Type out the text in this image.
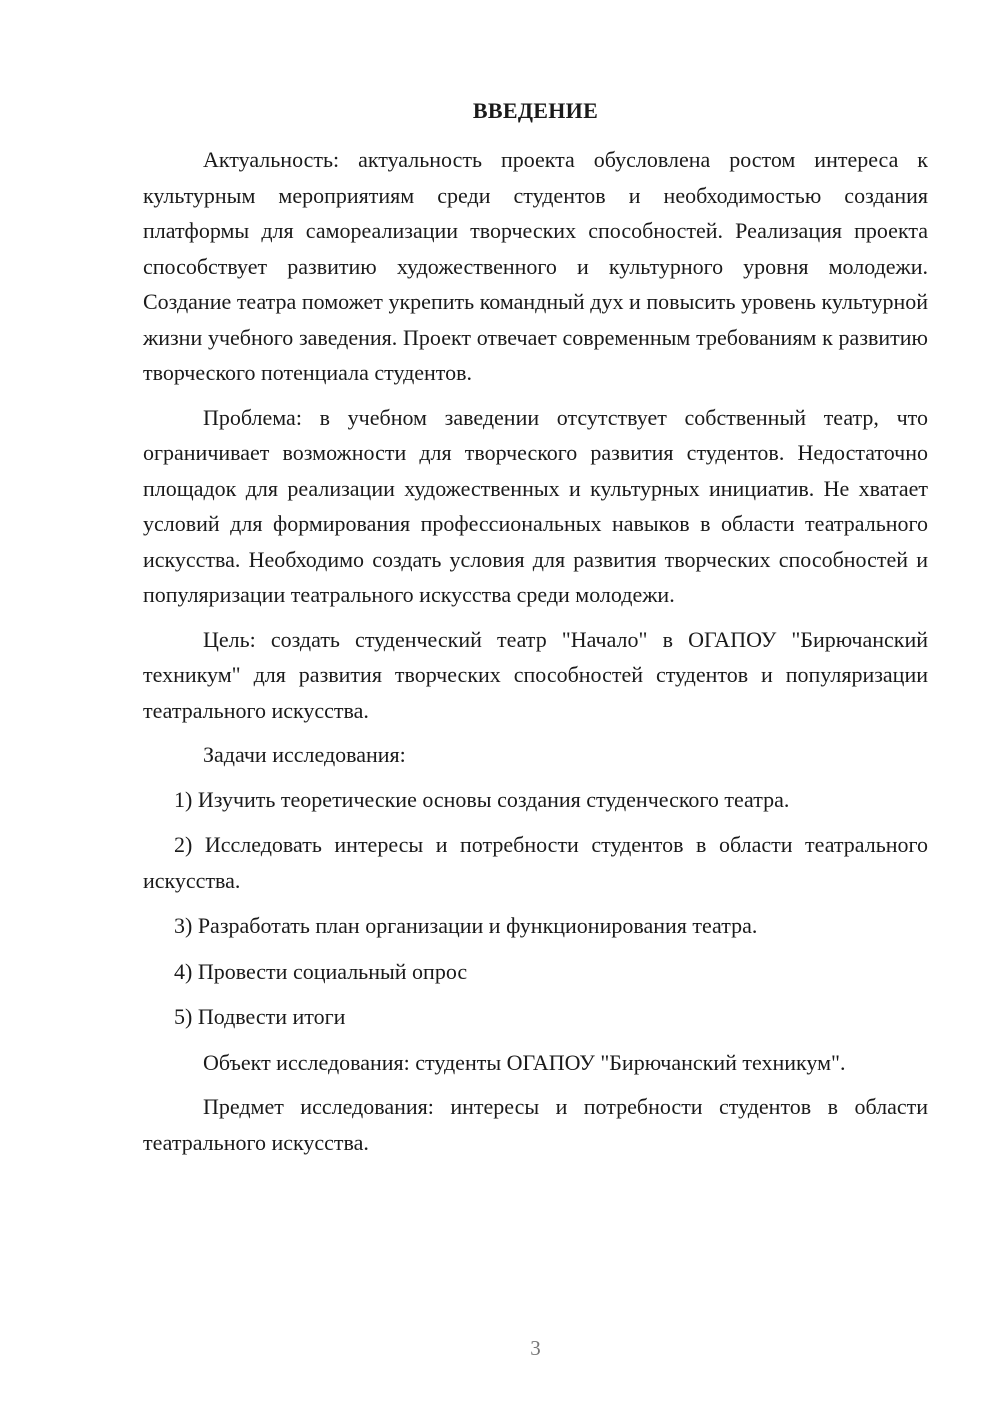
ВВЕДЕНИЕ

Актуальность: актуальность проекта обусловлена ростом интереса к культурным мероприятиям среди студентов и необходимостью создания платформы для самореализации творческих способностей. Реализация проекта способствует развитию художественного и культурного уровня молодежи. Создание театра поможет укрепить командный дух и повысить уровень культурной жизни учебного заведения. Проект отвечает современным требованиям к развитию творческого потенциала студентов.

Проблема: в учебном заведении отсутствует собственный театр, что ограничивает возможности для творческого развития студентов. Недостаточно площадок для реализации художественных и культурных инициатив. Не хватает условий для формирования профессиональных навыков в области театрального искусства. Необходимо создать условия для развития творческих способностей и популяризации театрального искусства среди молодежи.

Цель: создать студенческий театр "Начало" в ОГАПОУ "Бирючанский техникум" для развития творческих способностей студентов и популяризации театрального искусства.

Задачи исследования:

1) Изучить теоретические основы создания студенческого театра.

2) Исследовать интересы и потребности студентов в области театрального искусства.

3) Разработать план организации и функционирования театра.

4) Провести социальный опрос

5) Подвести итоги

Объект исследования: студенты ОГАПОУ "Бирючанский техникум".

Предмет исследования: интересы и потребности студентов в области театрального искусства.

3
